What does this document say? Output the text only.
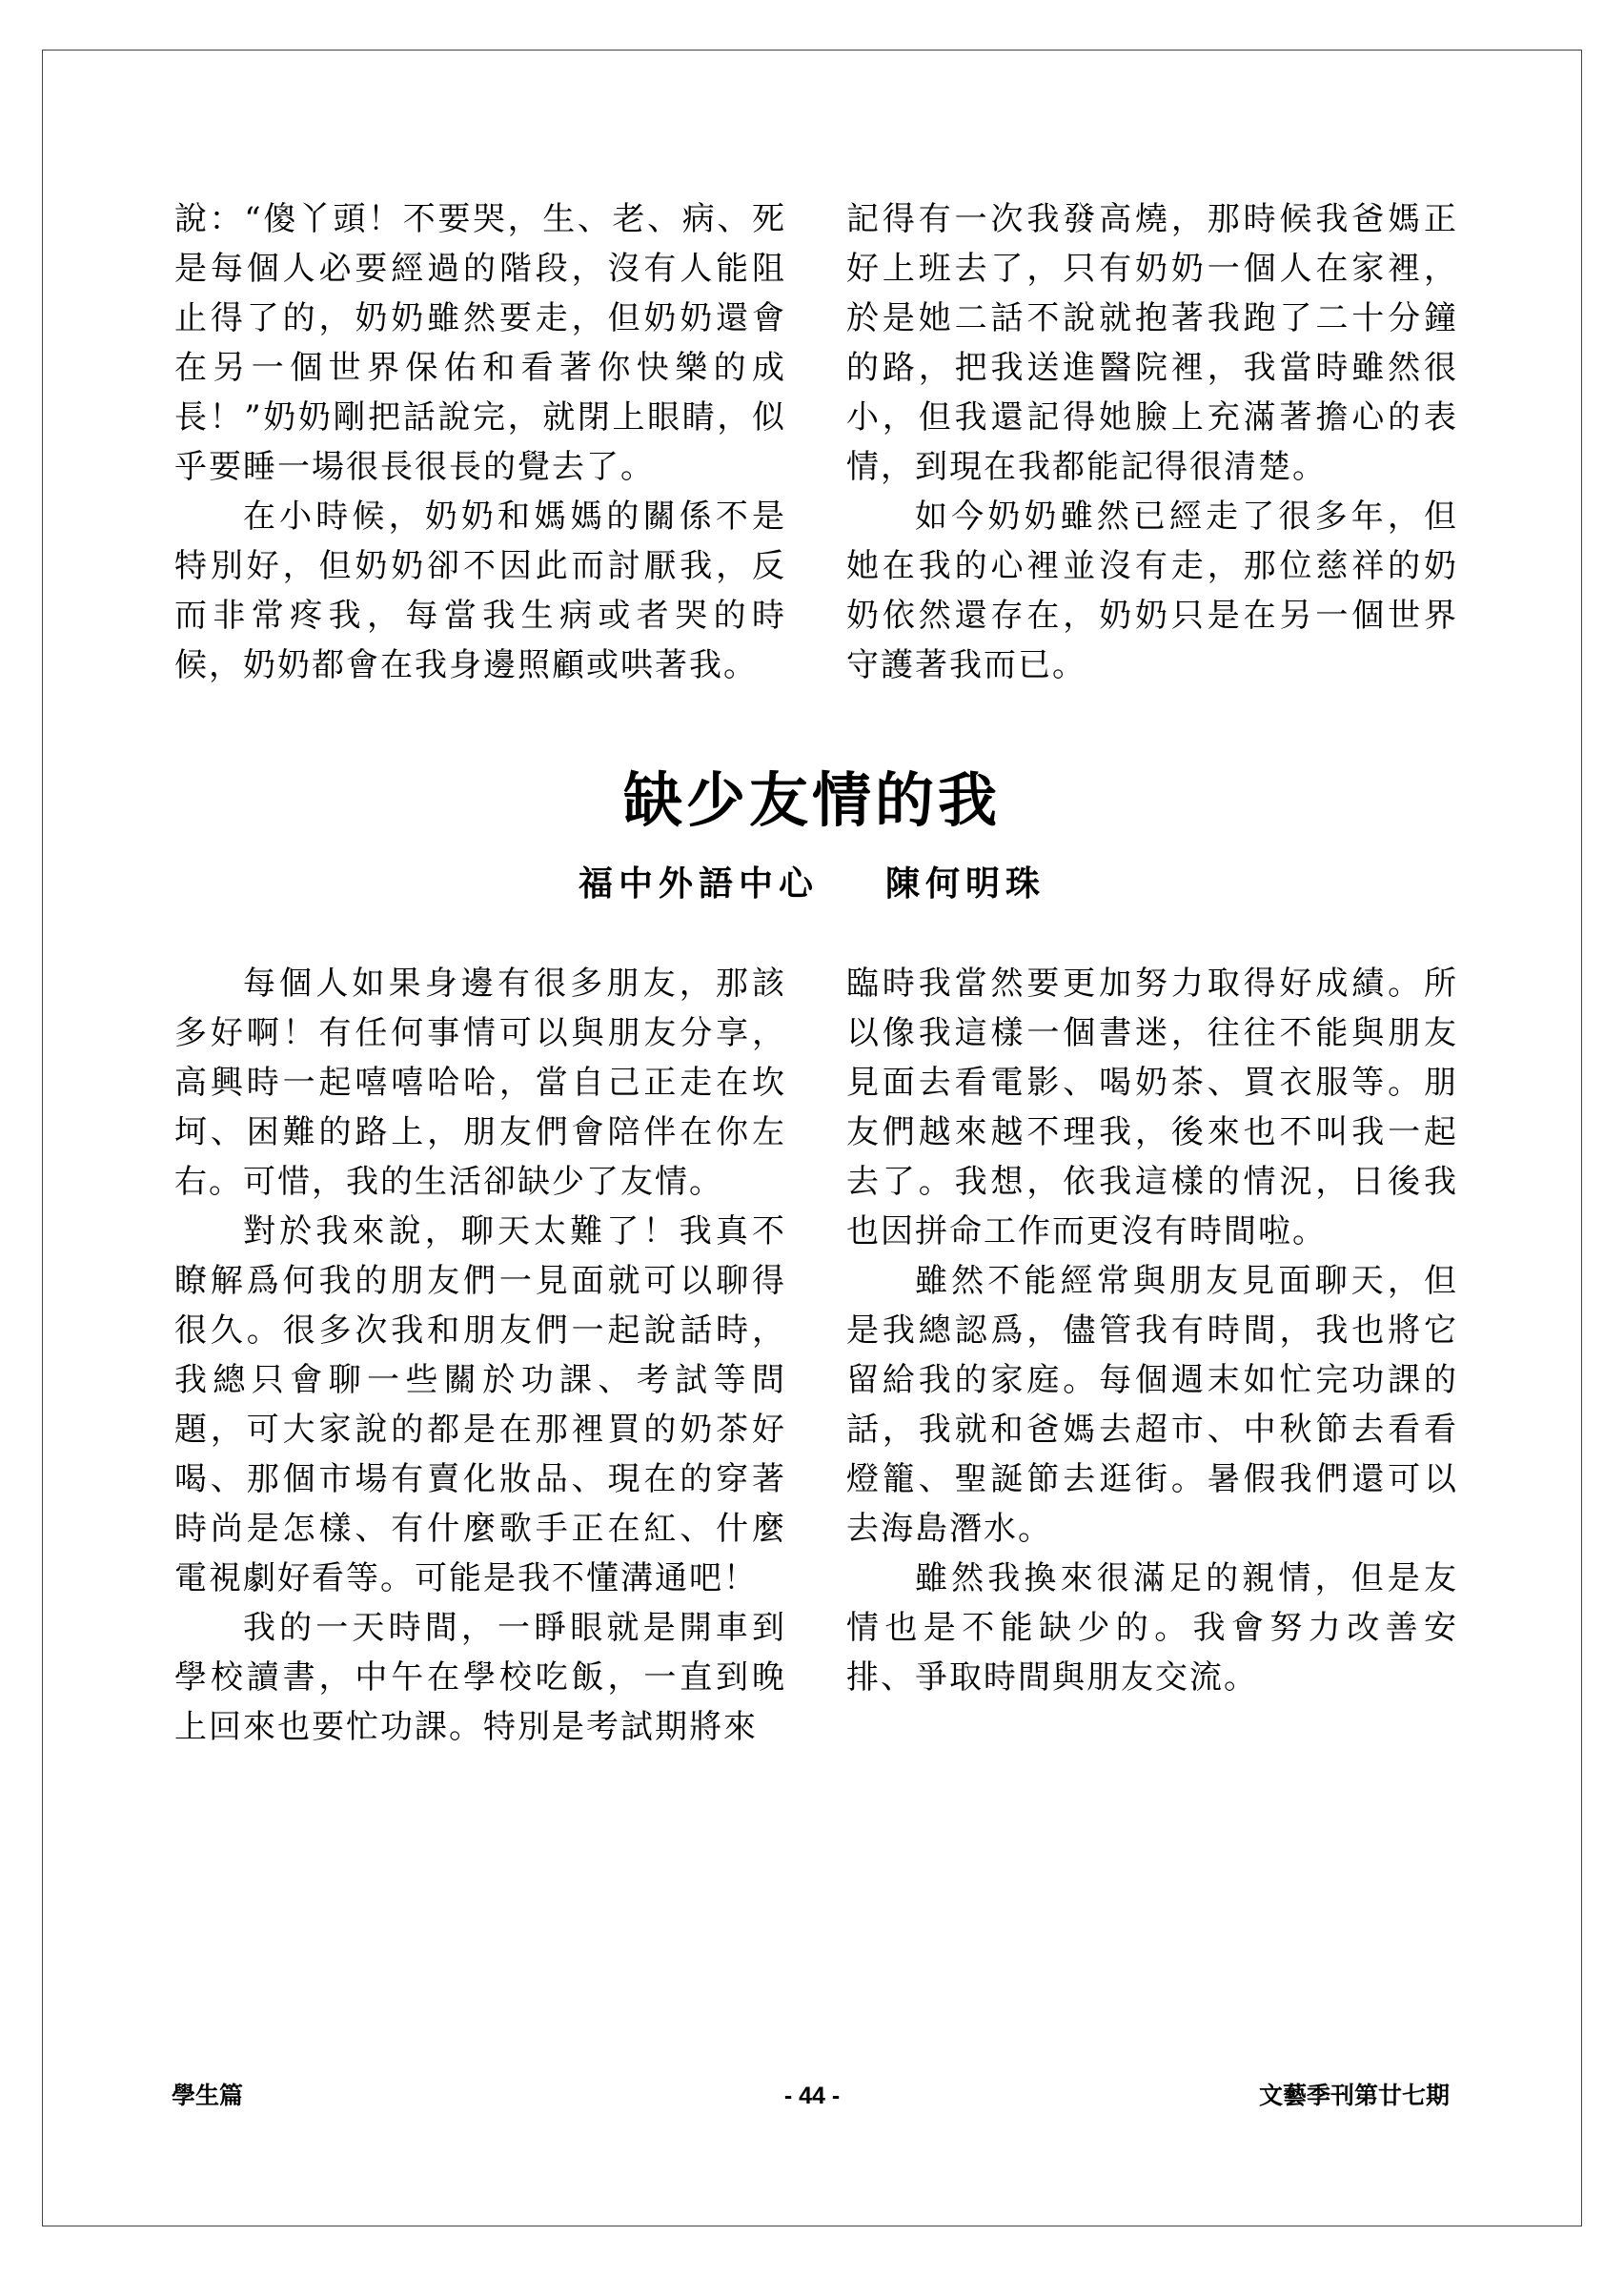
說：“傻丫頭！不要哭，生、老、病、死是每個人必要經過的階段，沒有人能阻止得了的，奶奶雖然要走，但奶奶還會在另一個世界保佑和看著你快樂的成長！”奶奶剛把話說完，就閉上眼睛，似乎要睡一場很長很長的覺去了。

在小時候，奶奶和媽媽的關係不是特別好，但奶奶卻不因此而討厭我，反而非常疼我，每當我生病或者哭的時候，奶奶都會在我身邊照顧或哄著我。

記得有一次我發高燒，那時候我爸媽正好上班去了，只有奶奶一個人在家裡，於是她二話不說就抱著我跑了二十分鐘的路，把我送進醫院裡，我當時雖然很小，但我還記得她臉上充滿著擔心的表情，到現在我都能記得很清楚。

如今奶奶雖然已經走了很多年，但她在我的心裡並沒有走，那位慈祥的奶奶依然還存在，奶奶只是在另一個世界守護著我而已。

缺少友情的我
福中外語中心 陳何明珠

每個人如果身邊有很多朋友，那該多好啊！有任何事情可以與朋友分享，高興時一起嘻嘻哈哈，當自己正走在坎坷、困難的路上，朋友們會陪伴在你左右。可惜，我的生活卻缺少了友情。

對於我來說，聊天太難了！我真不瞭解爲何我的朋友們一見面就可以聊得很久。很多次我和朋友們一起說話時，我總只會聊一些關於功課、考試等問題，可大家說的都是在那裡買的奶茶好喝、那個市場有賣化妝品、現在的穿著時尚是怎樣、有什麼歌手正在紅、什麼電視劇好看等。可能是我不懂溝通吧！

我的一天時間，一睜眼就是開車到學校讀書，中午在學校吃飯，一直到晚上回來也要忙功課。特別是考試期將來

臨時我當然要更加努力取得好成績。所以像我這樣一個書迷，往往不能與朋友見面去看電影、喝奶茶、買衣服等。朋友們越來越不理我，後來也不叫我一起去了。我想，依我這樣的情況，日後我也因拼命工作而更沒有時間啦。

雖然不能經常與朋友見面聊天，但是我總認爲，儘管我有時間，我也將它留給我的家庭。每個週末如忙完功課的話，我就和爸媽去超市、中秋節去看看燈籠、聖誕節去逛街。暑假我們還可以去海島潛水。

雖然我換來很滿足的親情，但是友情也是不能缺少的。我會努力改善安排、爭取時間與朋友交流。

學生篇	- 44 -	文藝季刊第廿七期
